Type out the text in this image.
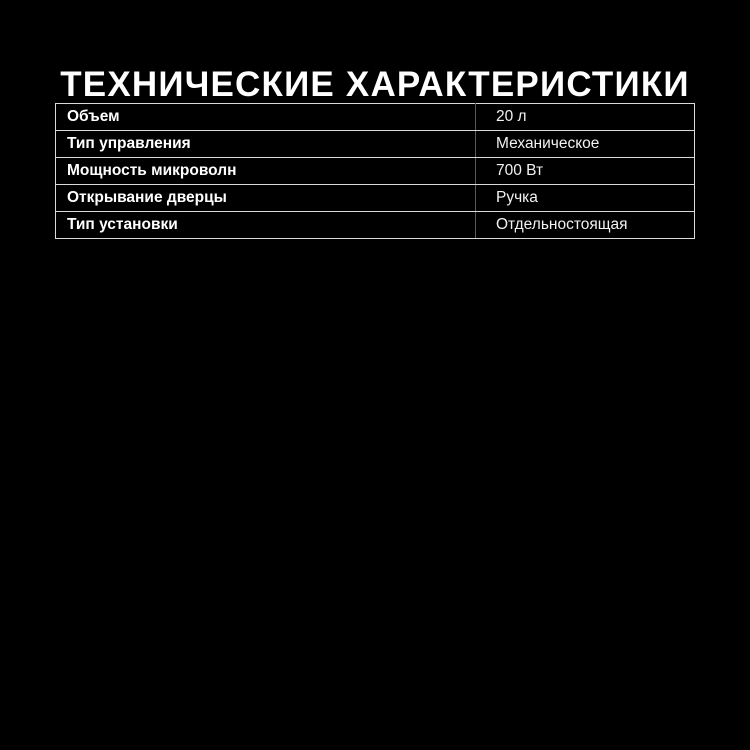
ТЕХНИЧЕСКИЕ ХАРАКТЕРИСТИКИ
Объем	20 л
Тип управления	Механическое
Мощность микроволн	700 Вт
Открывание дверцы	Ручка
Тип установки	Отдельностоящая
